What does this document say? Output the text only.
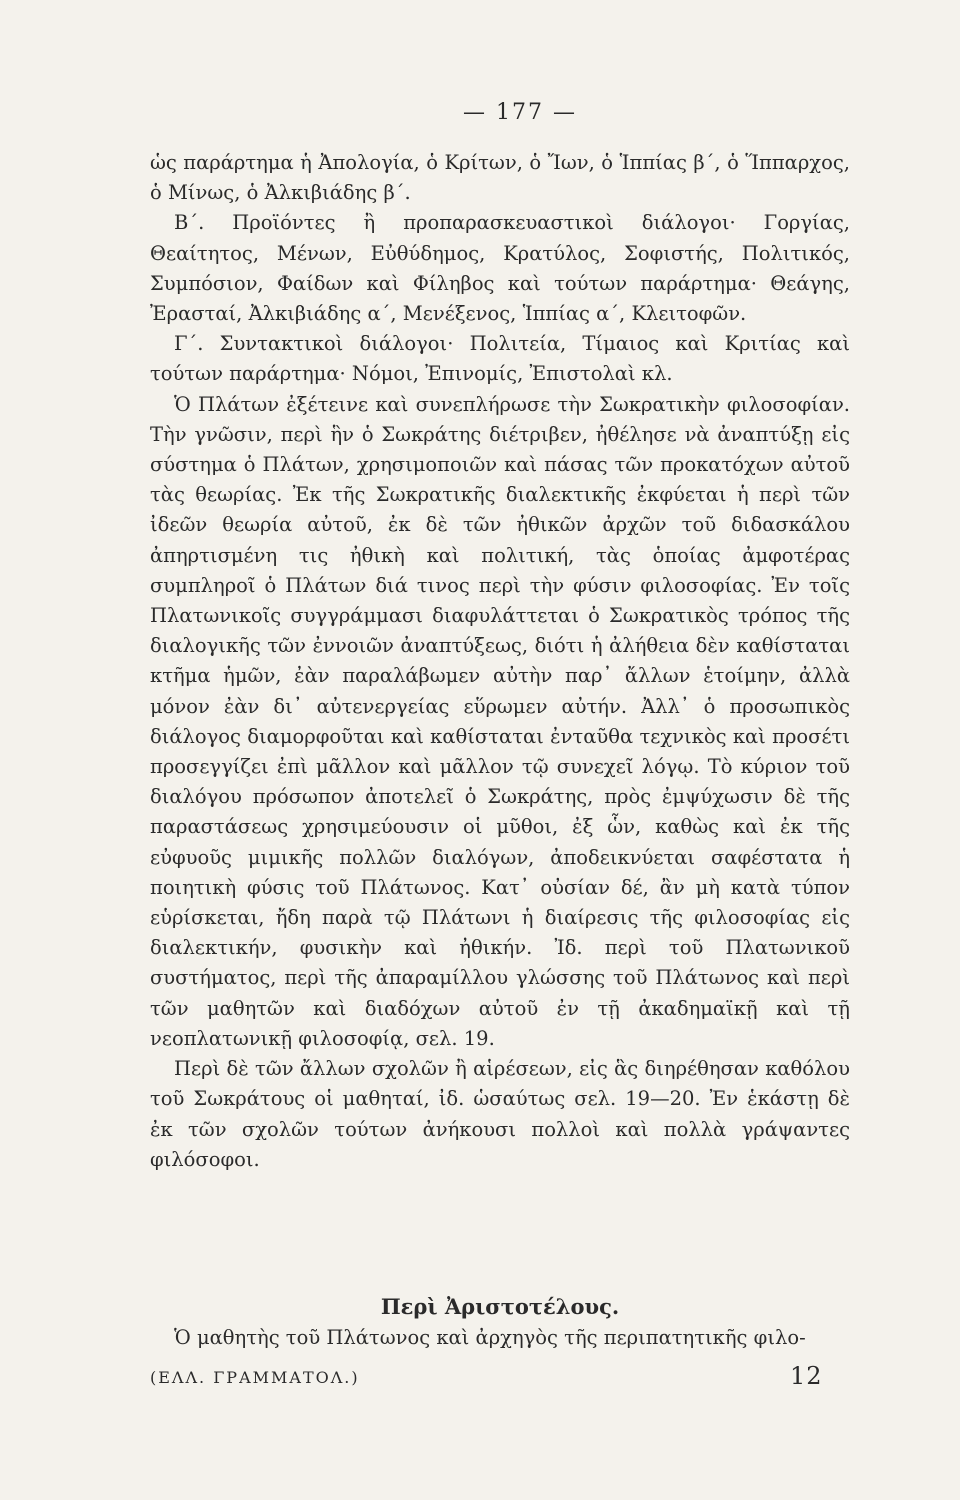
— 177 —

ὡς παράρτημα ἡ Ἀπολογία, ὁ Κρίτων, ὁ Ἴων, ὁ Ἱππίας β΄, ὁ Ἵππαρχος, ὁ Μίνως, ὁ Ἀλκιβιάδης β΄.

Β΄. Προϊόντες ἢ προπαρασκευαστικοὶ διάλογοι· Γοργίας, Θεαίτητος, Μένων, Εὐθύδημος, Κρατύλος, Σοφιστής, Πολιτικός, Συμπόσιον, Φαίδων καὶ Φίληβος καὶ τούτων παράρτημα· Θεάγης, Ἐρασταί, Ἀλκιβιάδης α΄, Μενέξενος, Ἱππίας α΄, Κλειτοφῶν.

Γ΄. Συντακτικοὶ διάλογοι· Πολιτεία, Τίμαιος καὶ Κριτίας καὶ τούτων παράρτημα· Νόμοι, Ἐπινομίς, Ἐπιστολαὶ κλ.

Ὁ Πλάτων ἐξέτεινε καὶ συνεπλήρωσε τὴν Σωκρατικὴν φιλοσοφίαν. Τὴν γνῶσιν, περὶ ἣν ὁ Σωκράτης διέτριβεν, ἠθέλησε νὰ ἀναπτύξῃ εἰς σύστημα ὁ Πλάτων, χρησιμοποιῶν καὶ πάσας τῶν προκατόχων αὐτοῦ τὰς θεωρίας. Ἐκ τῆς Σωκρατικῆς διαλεκτικῆς ἐκφύεται ἡ περὶ τῶν ἰδεῶν θεωρία αὐτοῦ, ἐκ δὲ τῶν ἠθικῶν ἀρχῶν τοῦ διδασκάλου ἀπηρτισμένη τις ἠθικὴ καὶ πολιτική, τὰς ὁποίας ἀμφοτέρας συμπληροῖ ὁ Πλάτων διά τινος περὶ τὴν φύσιν φιλοσοφίας. Ἐν τοῖς Πλατωνικοῖς συγγράμμασι διαφυλάττεται ὁ Σωκρατικὸς τρόπος τῆς διαλογικῆς τῶν ἐννοιῶν ἀναπτύξεως, διότι ἡ ἀλήθεια δὲν καθίσταται κτῆμα ἡμῶν, ἐὰν παραλάβωμεν αὐτὴν παρ᾽ ἄλλων ἑτοίμην, ἀλλὰ μόνον ἐὰν δι᾽ αὐτενεργείας εὕρωμεν αὐτήν. Ἀλλ᾽ ὁ προσωπικὸς διάλογος διαμορφοῦται καὶ καθίσταται ἐνταῦθα τεχνικὸς καὶ προσέτι προσεγγίζει ἐπὶ μᾶλλον καὶ μᾶλλον τῷ συνεχεῖ λόγῳ. Τὸ κύριον τοῦ διαλόγου πρόσωπον ἀποτελεῖ ὁ Σωκράτης, πρὸς ἐμψύχωσιν δὲ τῆς παραστάσεως χρησιμεύουσιν οἱ μῦθοι, ἐξ ὧν, καθὼς καὶ ἐκ τῆς εὐφυοῦς μιμικῆς πολλῶν διαλόγων, ἀποδεικνύεται σαφέστατα ἡ ποιητικὴ φύσις τοῦ Πλάτωνος. Κατ᾽ οὐσίαν δέ, ἂν μὴ κατὰ τύπον εὑρίσκεται, ἤδη παρὰ τῷ Πλάτωνι ἡ διαίρεσις τῆς φιλοσοφίας εἰς διαλεκτικήν, φυσικὴν καὶ ἠθικήν. Ἰδ. περὶ τοῦ Πλατωνικοῦ συστήματος, περὶ τῆς ἀπαραμίλλου γλώσσης τοῦ Πλάτωνος καὶ περὶ τῶν μαθητῶν καὶ διαδόχων αὐτοῦ ἐν τῇ ἀκαδημαϊκῇ καὶ τῇ νεοπλατωνικῇ φιλοσοφίᾳ, σελ. 19.

Περὶ δὲ τῶν ἄλλων σχολῶν ἢ αἱρέσεων, εἰς ἃς διηρέθησαν καθόλου τοῦ Σωκράτους οἱ μαθηταί, ἰδ. ὡσαύτως σελ. 19—20. Ἐν ἑκάστῃ δὲ ἐκ τῶν σχολῶν τούτων ἀνήκουσι πολλοὶ καὶ πολλὰ γράψαντες φιλόσοφοι.

Περὶ Ἀριστοτέλους.
Ὁ μαθητὴς τοῦ Πλάτωνος καὶ ἀρχηγὸς τῆς περιπατητικῆς φιλο-
(ΕΛΛ. ΓΡΑΜΜΑΤΟΛ.)	12
